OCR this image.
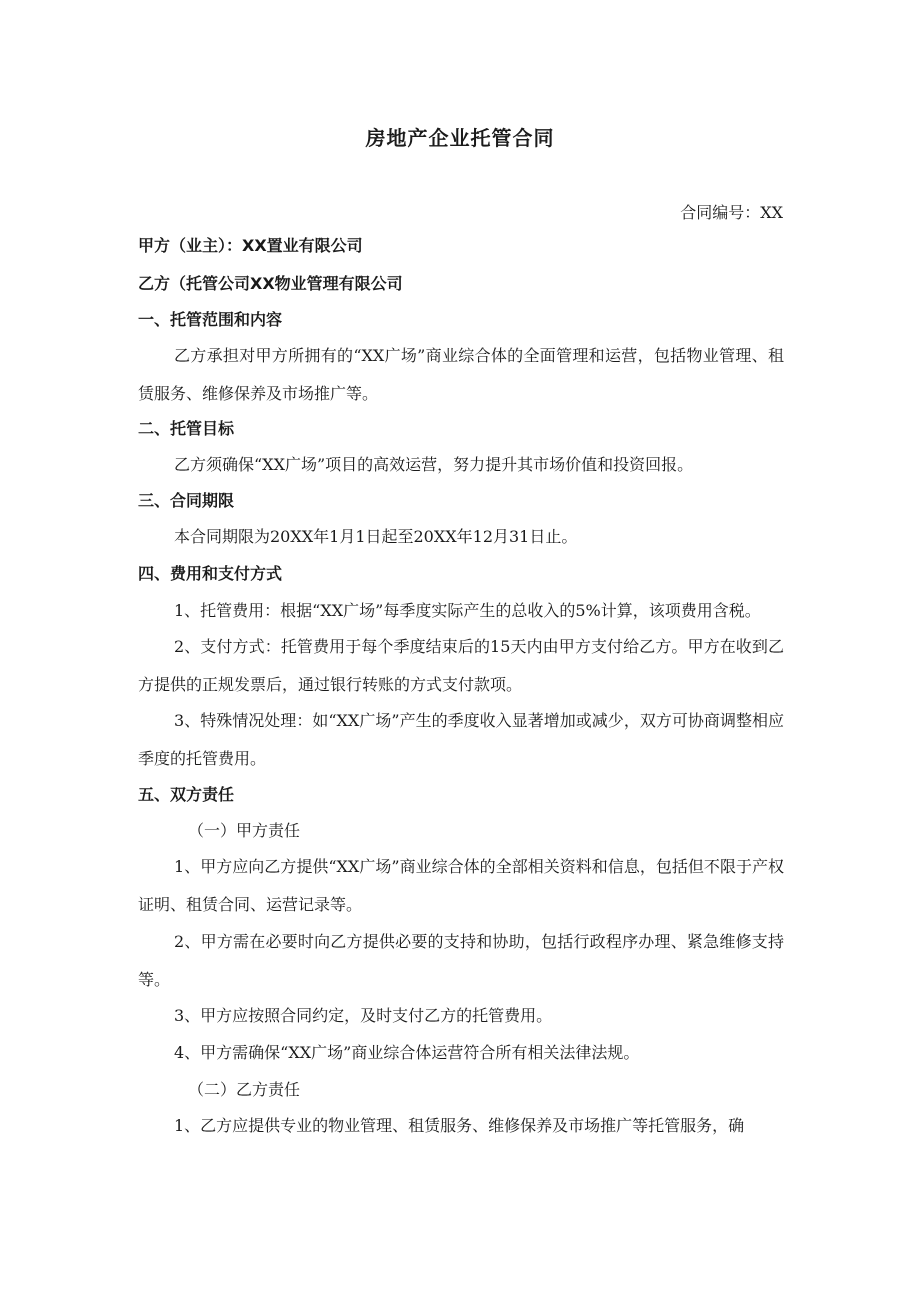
房地产企业托管合同
合同编号：XX
甲方（业主）：XX置业有限公司
乙方（托管公司XX物业管理有限公司
一、托管范围和内容
乙方承担对甲方所拥有的“XX广场”商业综合体的全面管理和运营，包括物业管理、租赁服务、维修保养及市场推广等。
二、托管目标
乙方须确保“XX广场”项目的高效运营，努力提升其市场价值和投资回报。
三、合同期限
本合同期限为20XX年1月1日起至20XX年12月31日止。
四、费用和支付方式
1、托管费用：根据“XX广场”每季度实际产生的总收入的5%计算，该项费用含税。
2、支付方式：托管费用于每个季度结束后的15天内由甲方支付给乙方。甲方在收到乙方提供的正规发票后，通过银行转账的方式支付款项。
3、特殊情况处理：如“XX广场”产生的季度收入显著增加或减少，双方可协商调整相应季度的托管费用。
五、双方责任
（一）甲方责任
1、甲方应向乙方提供“XX广场”商业综合体的全部相关资料和信息，包括但不限于产权证明、租赁合同、运营记录等。
2、甲方需在必要时向乙方提供必要的支持和协助，包括行政程序办理、紧急维修支持等。
3、甲方应按照合同约定，及时支付乙方的托管费用。
4、甲方需确保“XX广场”商业综合体运营符合所有相关法律法规。
（二）乙方责任
1、乙方应提供专业的物业管理、租赁服务、维修保养及市场推广等托管服务，确
